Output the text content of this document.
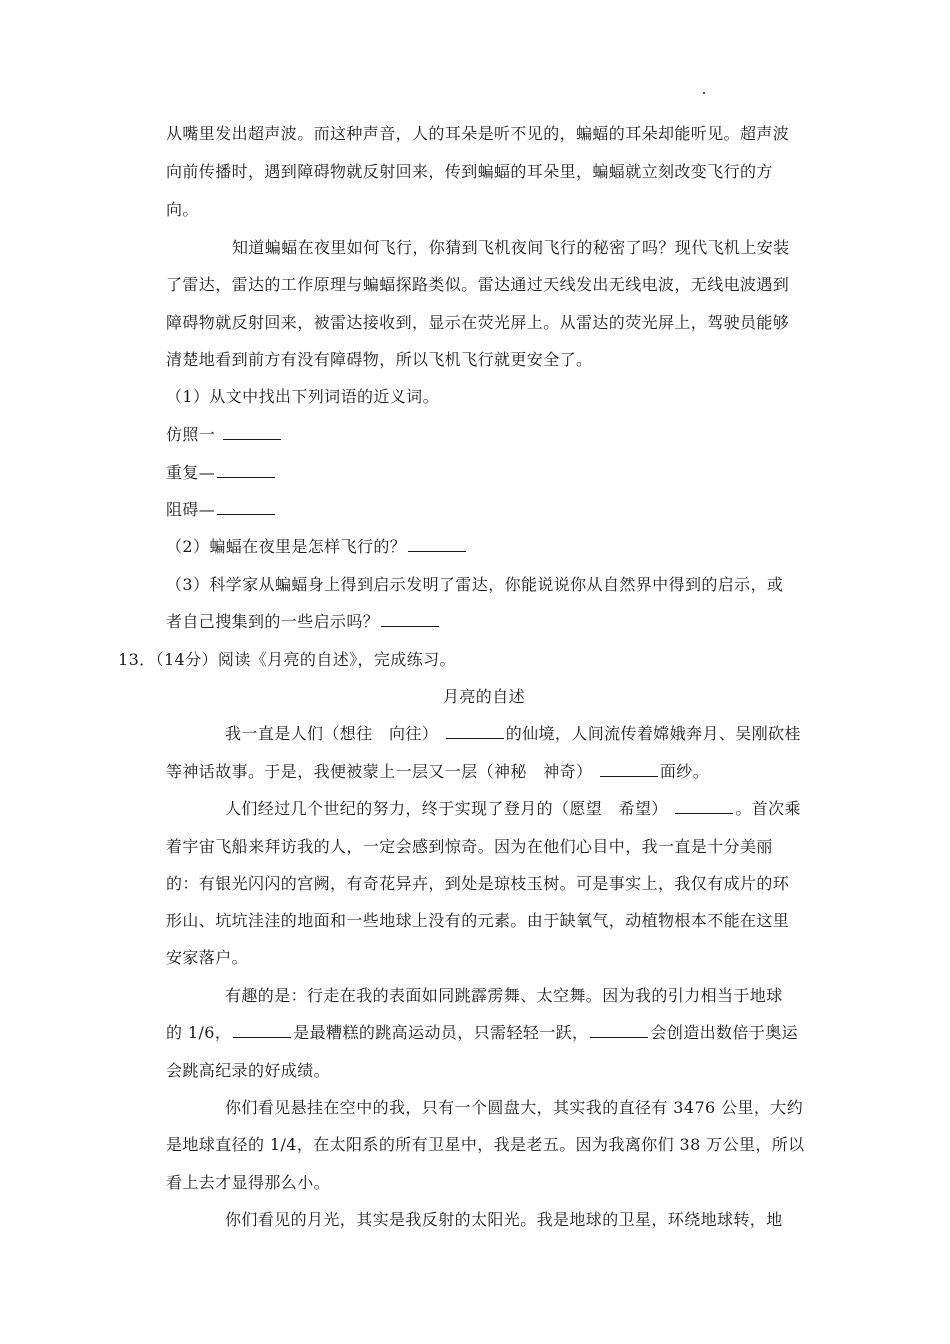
从嘴里发出超声波。而这种声音，人的耳朵是听不见的，蝙蝠的耳朵却能听见。超声波
向前传播时，遇到障碍物就反射回来，传到蝙蝠的耳朵里，蝙蝠就立刻改变飞行的方
向。
知道蝙蝠在夜里如何飞行，你猜到飞机夜间飞行的秘密了吗？现代飞机上安装
了雷达，雷达的工作原理与蝙蝠探路类似。雷达通过天线发出无线电波，无线电波遇到
障碍物就反射回来，被雷达接收到，显示在荧光屏上。从雷达的荧光屏上，驾驶员能够
清楚地看到前方有没有障碍物，所以飞机飞行就更安全了。
（1）从文中找出下列词语的近义词。
仿照一
重复—
阻碍—
（2）蝙蝠在夜里是怎样飞行的？
（3）科学家从蝙蝠身上得到启示发明了雷达，你能说说你从自然界中得到的启示，或
者自己搜集到的一些启示吗？
13．（14分）阅读《月亮的自述》，完成练习。
月亮的自述
我一直是人们（想往　向往）	的仙境，人间流传着嫦娥奔月、吴刚砍桂
等神话故事。于是，我便被蒙上一层又一层（神秘　神奇）	面纱。
人们经过几个世纪的努力，终于实现了登月的（愿望　希望）	。首次乘
着宇宙飞船来拜访我的人，一定会感到惊奇。因为在他们心目中，我一直是十分美丽
的：有银光闪闪的宫阙，有奇花异卉，到处是琼枝玉树。可是事实上，我仅有成片的环
形山、坑坑洼洼的地面和一些地球上没有的元素。由于缺氧气，动植物根本不能在这里
安家落户。
有趣的是：行走在我的表面如同跳霹雳舞、太空舞。因为我的引力相当于地球
的 1/6，	是最糟糕的跳高运动员，只需轻轻一跃，	会创造出数倍于奥运
会跳高纪录的好成绩。
你们看见悬挂在空中的我，只有一个圆盘大，其实我的直径有 3476 公里，大约
是地球直径的 1/4，在太阳系的所有卫星中，我是老五。因为我离你们 38 万公里，所以
看上去才显得那么小。
你们看见的月光，其实是我反射的太阳光。我是地球的卫星，环绕地球转，地
